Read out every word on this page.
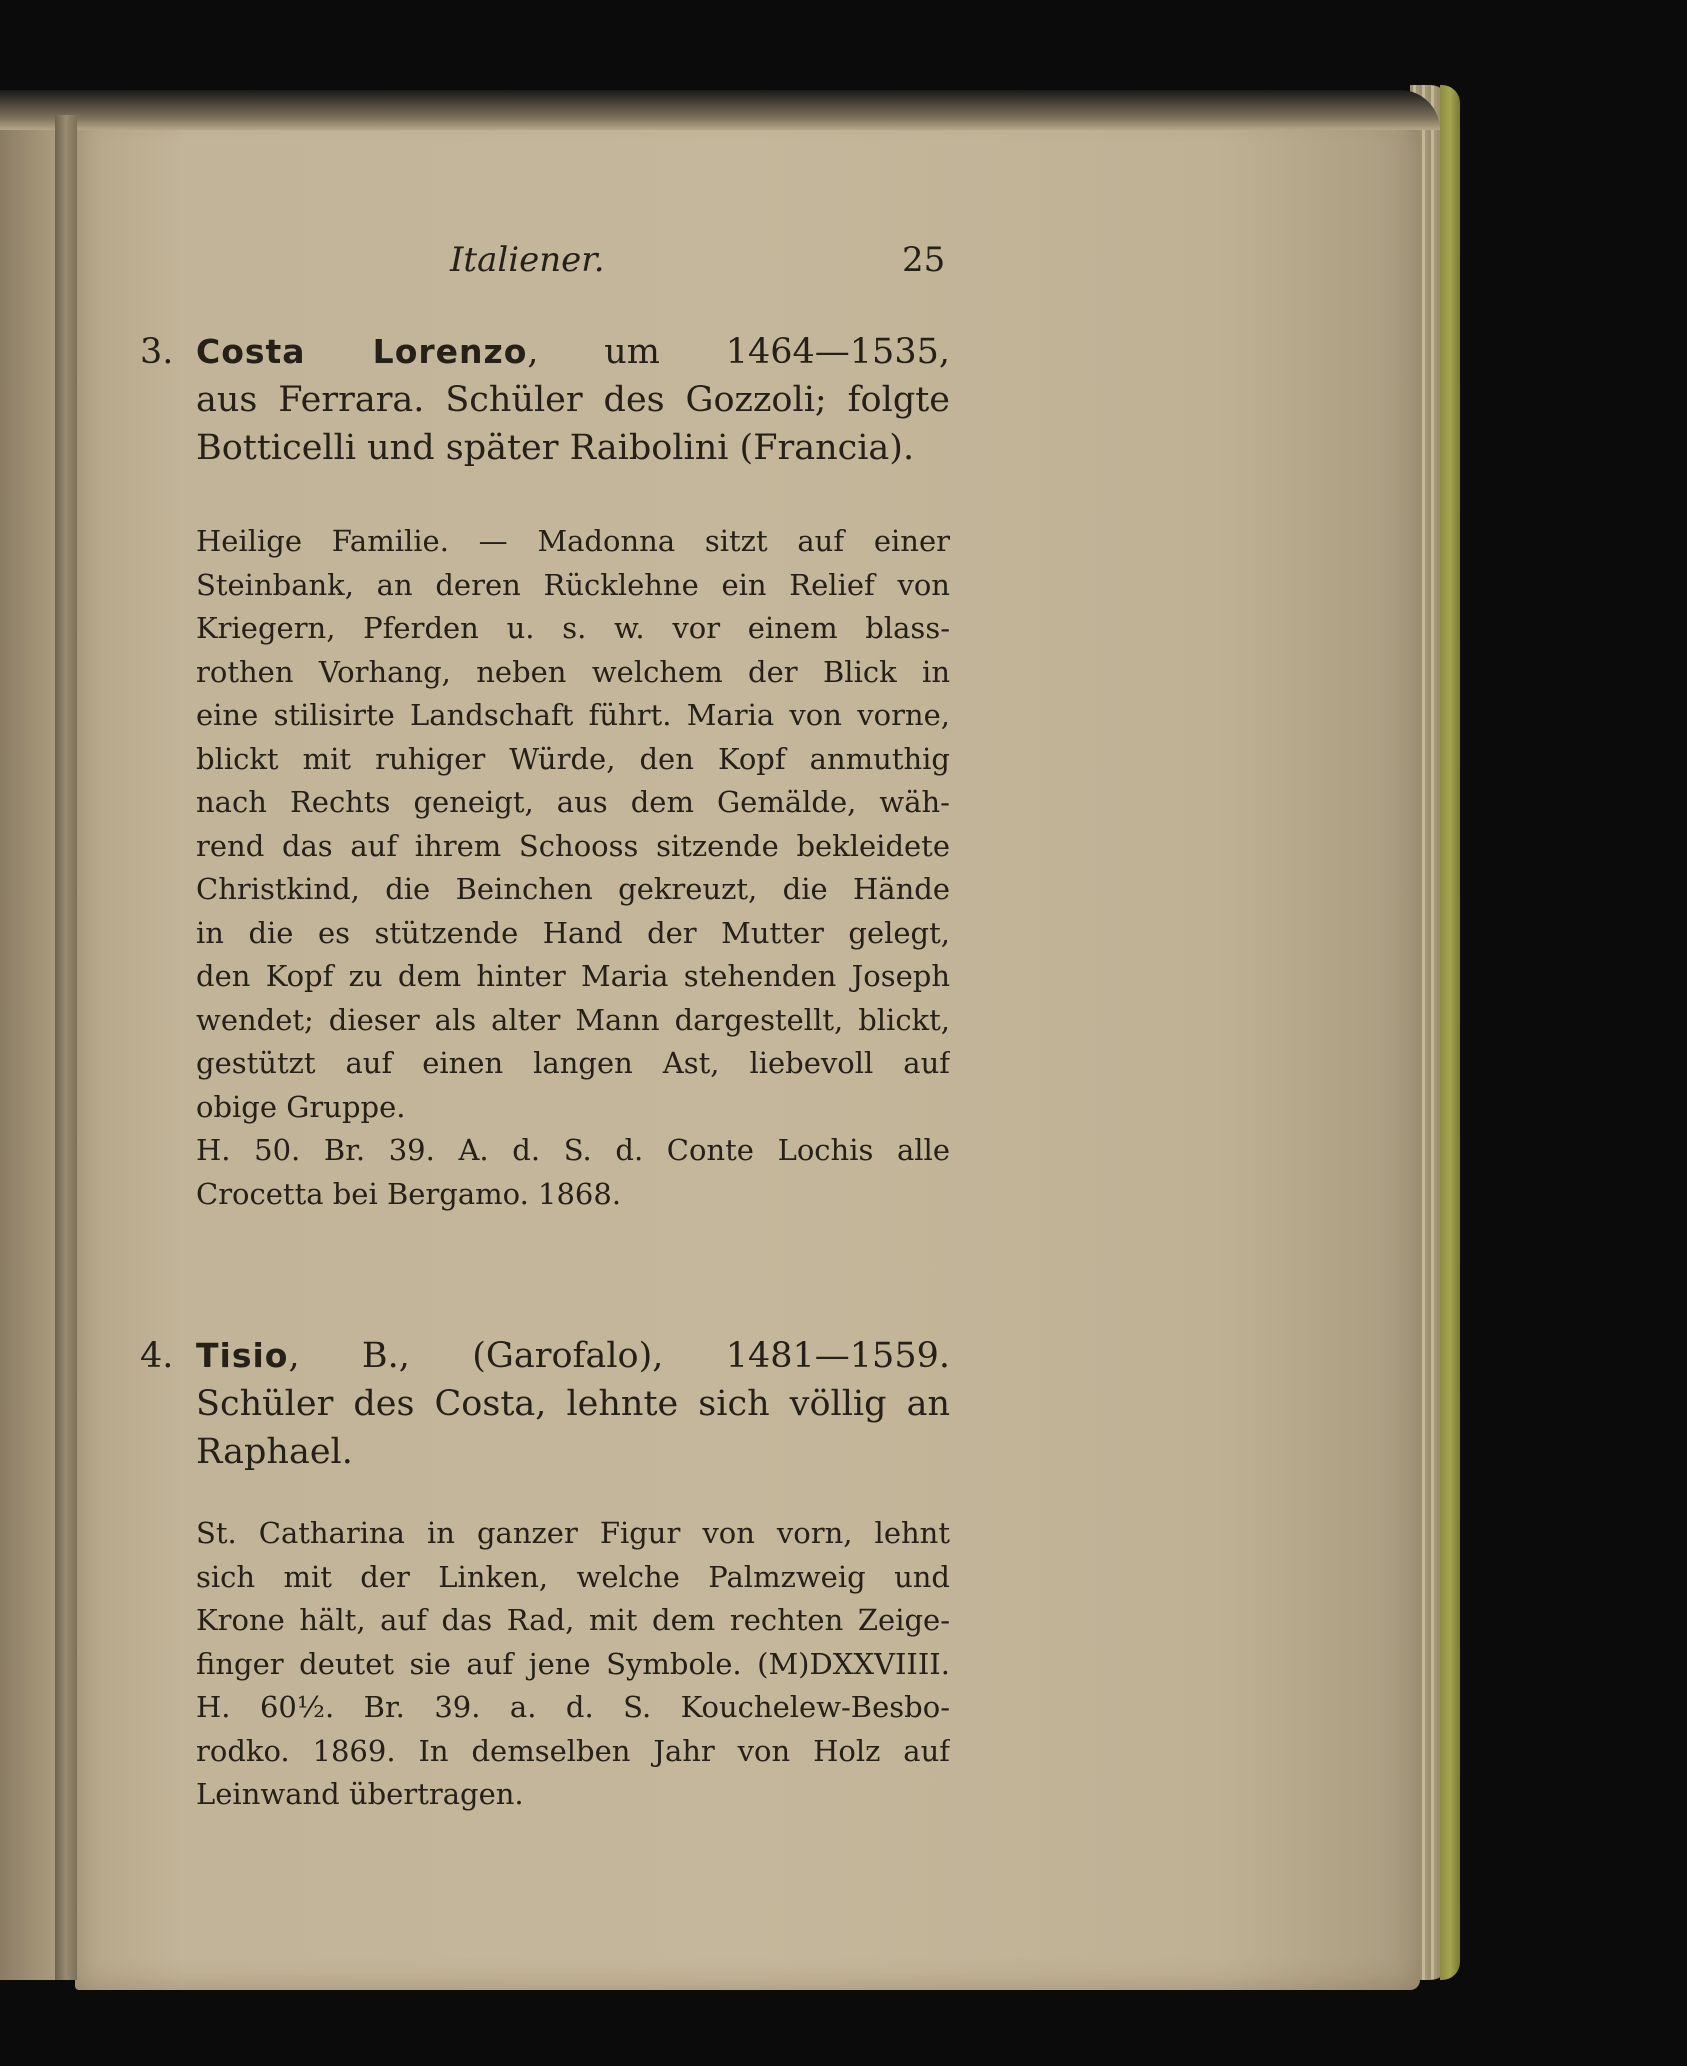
Italiener.	25
3. Costa Lorenzo, um 1464—1535,
aus Ferrara. Schüler des Gozzoli; folgte
Botticelli und später Raibolini (Francia).
Heilige Familie. — Madonna sitzt auf einer
Steinbank, an deren Rücklehne ein Relief von
Kriegern, Pferden u. s. w. vor einem blass-
rothen Vorhang, neben welchem der Blick in
eine stilisirte Landschaft führt. Maria von vorne,
blickt mit ruhiger Würde, den Kopf anmuthig
nach Rechts geneigt, aus dem Gemälde, wäh-
rend das auf ihrem Schooss sitzende bekleidete
Christkind, die Beinchen gekreuzt, die Hände
in die es stützende Hand der Mutter gelegt,
den Kopf zu dem hinter Maria stehenden Joseph
wendet; dieser als alter Mann dargestellt, blickt,
gestützt auf einen langen Ast, liebevoll auf
obige Gruppe.
H. 50. Br. 39. A. d. S. d. Conte Lochis alle
Crocetta bei Bergamo. 1868.
4. Tisio, B., (Garofalo), 1481—1559.
Schüler des Costa, lehnte sich völlig an
Raphael.
St. Catharina in ganzer Figur von vorn, lehnt
sich mit der Linken, welche Palmzweig und
Krone hält, auf das Rad, mit dem rechten Zeige-
finger deutet sie auf jene Symbole. (M)DXXVIIII.
H. 60½. Br. 39. a. d. S. Kouchelew-Besbo-
rodko. 1869. In demselben Jahr von Holz auf
Leinwand übertragen.
